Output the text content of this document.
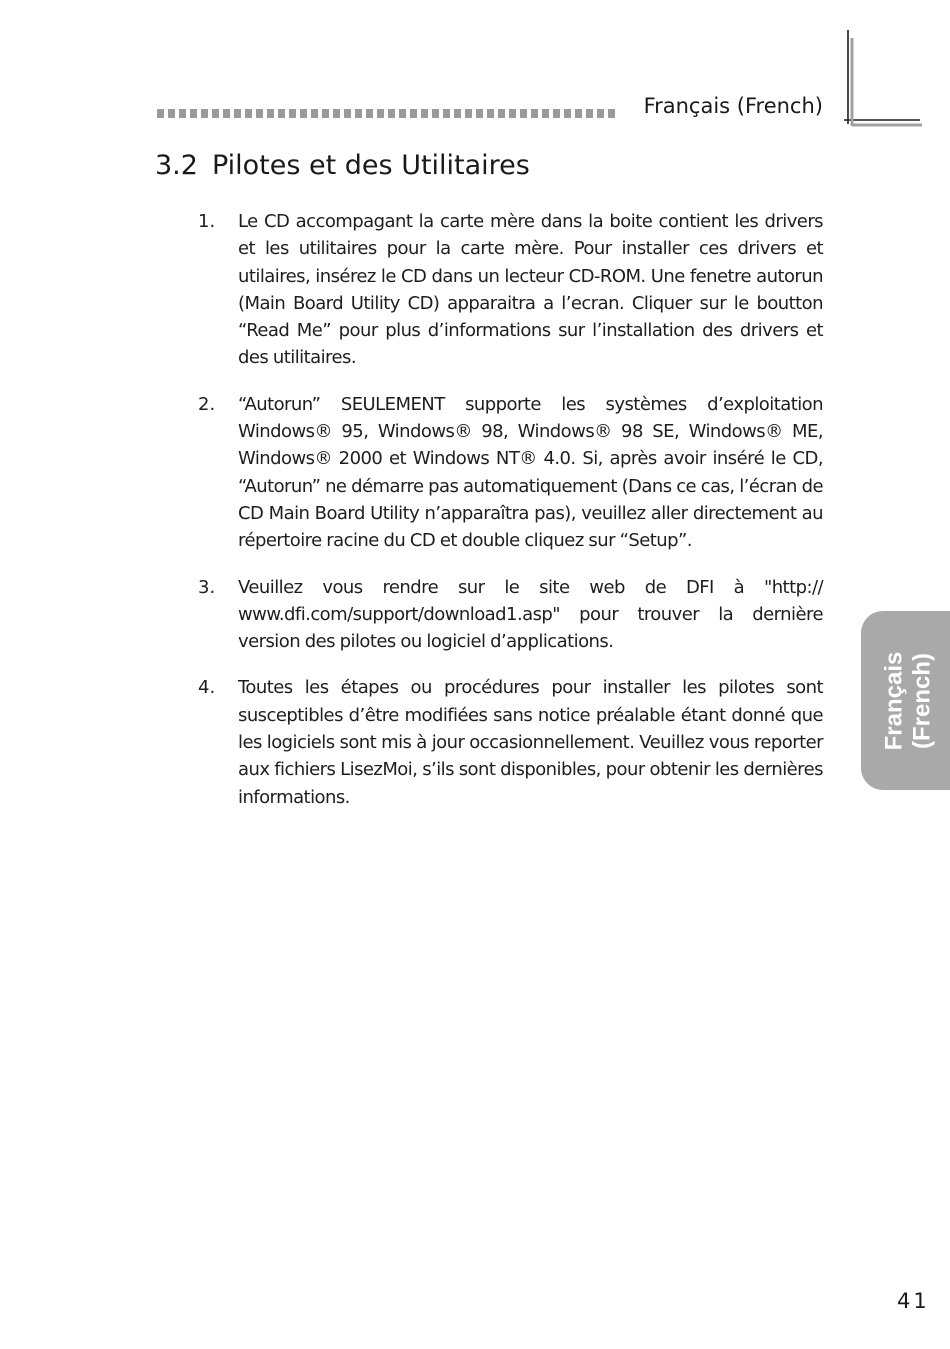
Français (French)
3.2 Pilotes et des Utilitaires
1.	Le CD accompagant la carte mère dans la boite contient les drivers et les utilitaires pour la carte mère. Pour installer ces drivers et utilaires, insérez le CD dans un lecteur CD-ROM. Une fenetre autorun (Main Board Utility CD) apparaitra a l’ecran. Cliquer sur le boutton “Read Me” pour plus d’informations sur l’installation des drivers et des utilitaires.
2.	“Autorun” SEULEMENT supporte les systèmes d’exploitation Windows® 95, Windows® 98, Windows® 98 SE, Windows® ME, Windows® 2000 et Windows NT® 4.0. Si, après avoir inséré le CD, “Autorun” ne démarre pas automatiquement (Dans ce cas, l’écran de CD Main Board Utility n’apparaîtra pas), veuillez aller directement au répertoire racine du CD et double cliquez sur “Setup”.
3.	Veuillez vous rendre sur le site web de DFI à "http:// www.dfi.com/support/download1.asp" pour trouver la dernière version des pilotes ou logiciel d’applications.
4.	Toutes les étapes ou procédures pour installer les pilotes sont susceptibles d’être modifiées sans notice préalable étant donné que les logiciels sont mis à jour occasionnellement. Veuillez vous reporter aux fichiers LisezMoi, s’ils sont disponibles, pour obtenir les dernières informations.
Français (French)
41
